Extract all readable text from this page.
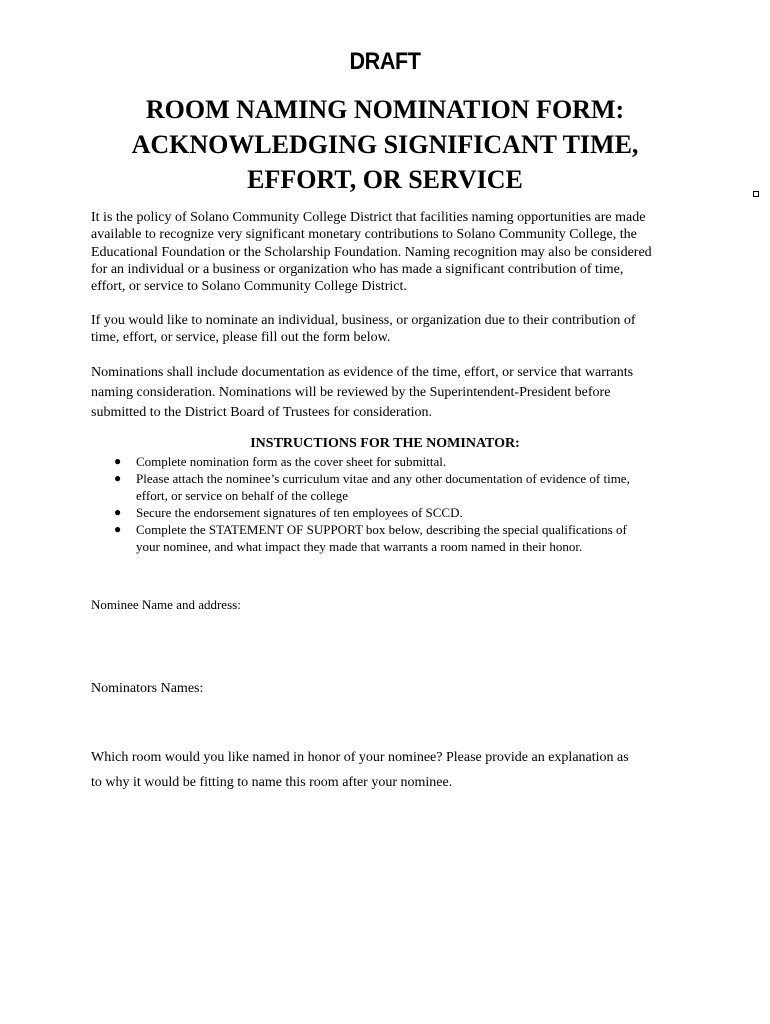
DRAFT
ROOM NAMING NOMINATION FORM:
ACKNOWLEDGING SIGNIFICANT TIME,
EFFORT, OR SERVICE
It is the policy of Solano Community College District that facilities naming opportunities are made
available to recognize very significant monetary contributions to Solano Community College, the
Educational Foundation or the Scholarship Foundation. Naming recognition may also be considered
for an individual or a business or organization who has made a significant contribution of time,
effort, or service to Solano Community College District.
If you would like to nominate an individual, business, or organization due to their contribution of
time, effort, or service, please fill out the form below.
Nominations shall include documentation as evidence of the time, effort, or service that warrants
naming consideration. Nominations will be reviewed by the Superintendent-President before
submitted to the District Board of Trustees for consideration.
INSTRUCTIONS FOR THE NOMINATOR:
● Complete nomination form as the cover sheet for submittal.
● Please attach the nominee’s curriculum vitae and any other documentation of evidence of time,
effort, or service on behalf of the college
● Secure the endorsement signatures of ten employees of SCCD.
● Complete the STATEMENT OF SUPPORT box below, describing the special qualifications of
your nominee, and what impact they made that warrants a room named in their honor.
Nominee Name and address:
Nominators Names:
Which room would you like named in honor of your nominee? Please provide an explanation as
to why it would be fitting to name this room after your nominee.
